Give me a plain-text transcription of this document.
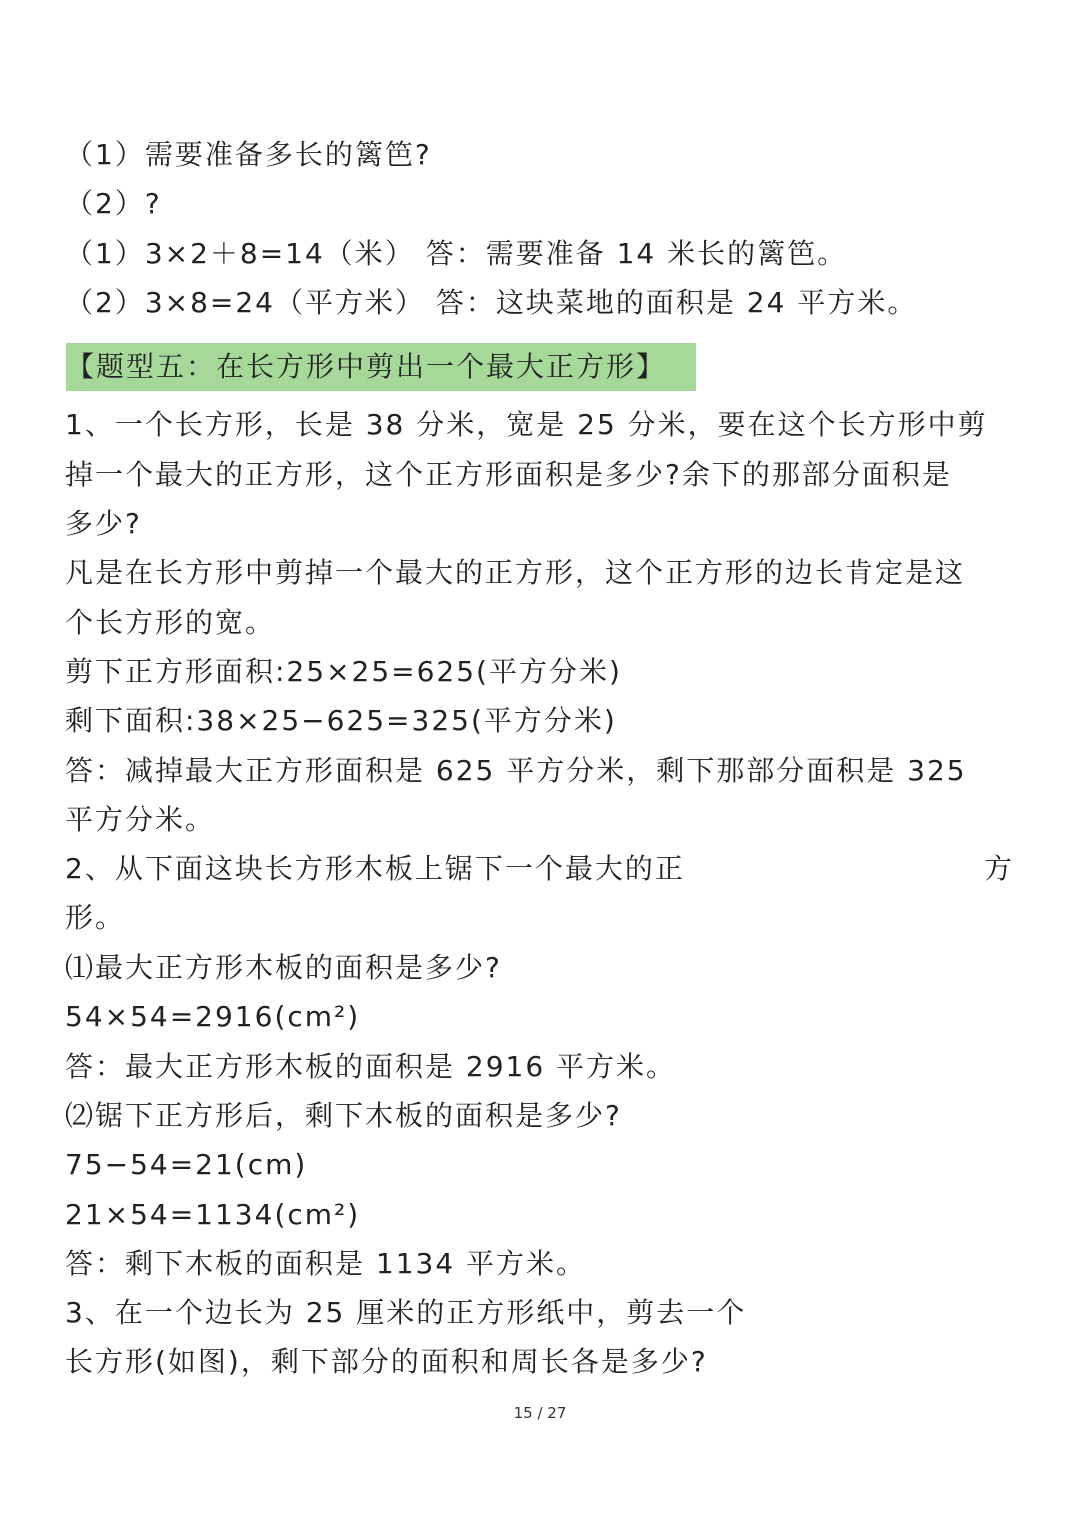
（1）需要准备多长的篱笆?
（2）?
（1）3×2＋8=14（米） 答：需要准备 14 米长的篱笆。
（2）3×8=24（平方米） 答：这块菜地的面积是 24 平方米。
【题型五：在长方形中剪出一个最大正方形】
1、一个长方形，长是 38 分米，宽是 25 分米，要在这个长方形中剪
掉一个最大的正方形，这个正方形面积是多少?余下的那部分面积是
多少?
凡是在长方形中剪掉一个最大的正方形，这个正方形的边长肯定是这
个长方形的宽。
剪下正方形面积:25×25=625(平方分米)
剩下面积:38×25−625=325(平方分米)
答：减掉最大正方形面积是 625 平方分米，剩下那部分面积是 325
平方分米。
2、从下面这块长方形木板上锯下一个最大的正	方
形。
⑴最大正方形木板的面积是多少?
54×54=2916(cm²)
答：最大正方形木板的面积是 2916 平方米。
⑵锯下正方形后，剩下木板的面积是多少?
75−54=21(cm)
21×54=1134(cm²)
答：剩下木板的面积是 1134 平方米。
3、在一个边长为 25 厘米的正方形纸中，剪去一个
长方形(如图)，剩下部分的面积和周长各是多少?
15 / 27
